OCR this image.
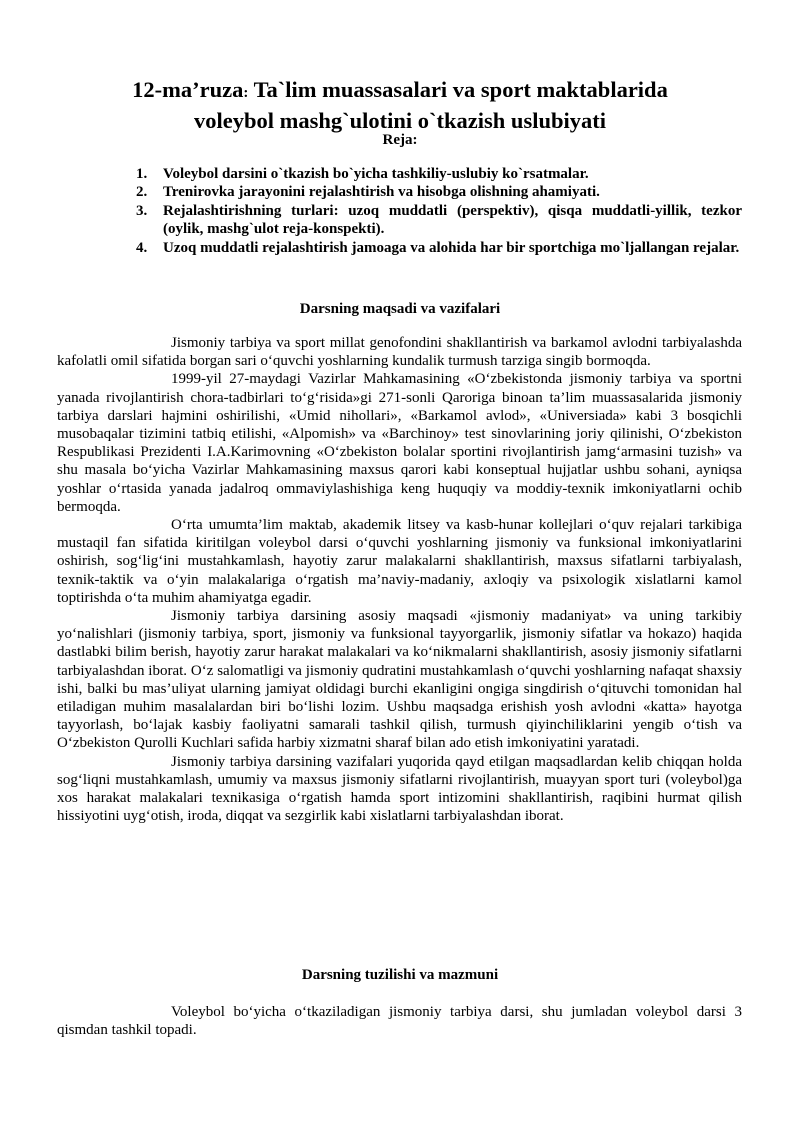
12-ma’ruza: Ta`lim muassasalari va sport maktablarida voleybol mashg`ulotini o`tkazish uslubiyati

Reja:

1. Voleybol darsini o`tkazish bo`yicha tashkiliy-uslubiy ko`rsatmalar.
2. Trenirovka jarayonini rejalashtirish va hisobga olishning ahamiyati.
3. Rejalashtirishning turlari: uzoq muddatli (perspektiv), qisqa muddatli-yillik, tezkor (oylik, mashg`ulot reja-konspekti).
4. Uzoq muddatli rejalashtirish jamoaga va alohida har bir sportchiga mo`ljallangan rejalar.
Darsning maqsadi va vazifalari

Jismoniy tarbiya va sport millat genofondini shakllantirish va barkamol avlodni tarbiyalashda kafolatli omil sifatida borgan sari o‘quvchi yoshlarning kundalik turmush tarziga singib bormoqda.

1999-yil 27-maydagi Vazirlar Mahkamasining «O‘zbekistonda jismoniy tarbiya va sportni yanada rivojlantirish chora-tadbirlari to‘g‘risida»gi 271-sonli Qaroriga binoan ta’lim muassasalarida jismoniy tarbiya darslari hajmini oshirilishi, «Umid nihollari», «Barkamol avlod», «Universiada» kabi 3 bosqichli musobaqalar tizimini tatbiq etilishi, «Alpomish» va «Barchinoy» test sinovlarining joriy qilinishi, O‘zbekiston Respublikasi Prezidenti I.A.Karimovning «O‘zbekiston bolalar sportini rivojlantirish jamg‘armasini tuzish» va shu masala bo‘yicha Vazirlar Mahkamasining maxsus qarori kabi konseptual hujjatlar ushbu sohani, ayniqsa yoshlar o‘rtasida yanada jadalroq ommaviylashishiga keng huquqiy va moddiy-texnik imkoniyatlarni ochib bermoqda.

O‘rta umumta’lim maktab, akademik litsey va kasb-hunar kollejlari o‘quv rejalari tarkibiga mustaqil fan sifatida kiritilgan voleybol darsi o‘quvchi yoshlarning jismoniy va funksional imkoniyatlarini oshirish, sog‘lig‘ini mustahkamlash, hayotiy zarur malakalarni shakllantirish, maxsus sifatlarni tarbiyalash, texnik-taktik va o‘yin malakalariga o‘rgatish ma’naviy-madaniy, axloqiy va psixologik xislatlarni kamol toptirishda o‘ta muhim ahamiyatga egadir.

Jismoniy tarbiya darsining asosiy maqsadi «jismoniy madaniyat» va uning tarkibiy yo‘nalishlari (jismoniy tarbiya, sport, jismoniy va funksional tayyorgarlik, jismoniy sifatlar va hokazo) haqida dastlabki bilim berish, hayotiy zarur harakat malakalari va ko‘nikmalarni shakllantirish, asosiy jismoniy sifatlarni tarbiyalashdan iborat. O‘z salomatligi va jismoniy qudratini mustahkamlash o‘quvchi yoshlarning nafaqat shaxsiy ishi, balki bu mas’uliyat ularning jamiyat oldidagi burchi ekanligini ongiga singdirish o‘qituvchi tomonidan hal etiladigan muhim masalalardan biri bo‘lishi lozim. Ushbu maqsadga erishish yosh avlodni «katta» hayotga tayyorlash, bo‘lajak kasbiy faoliyatni samarali tashkil qilish, turmush qiyinchiliklarini yengib o‘tish va O‘zbekiston Qurolli Kuchlari safida harbiy xizmatni sharaf bilan ado etish imkoniyatini yaratadi.

Jismoniy tarbiya darsining vazifalari yuqorida qayd etilgan maqsadlardan kelib chiqqan holda sog‘liqni mustahkamlash, umumiy va maxsus jismoniy sifatlarni rivojlantirish, muayyan sport turi (voleybol)ga xos harakat malakalari texnikasiga o‘rgatish hamda sport intizomini shakllantirish, raqibini hurmat qilish hissiyotini uyg‘otish, iroda, diqqat va sezgirlik kabi xislatlarni tarbiyalashdan iborat.

Darsning tuzilishi va mazmuni

Voleybol bo‘yicha o‘tkaziladigan jismoniy tarbiya darsi, shu jumladan voleybol darsi 3 qismdan tashkil topadi.
